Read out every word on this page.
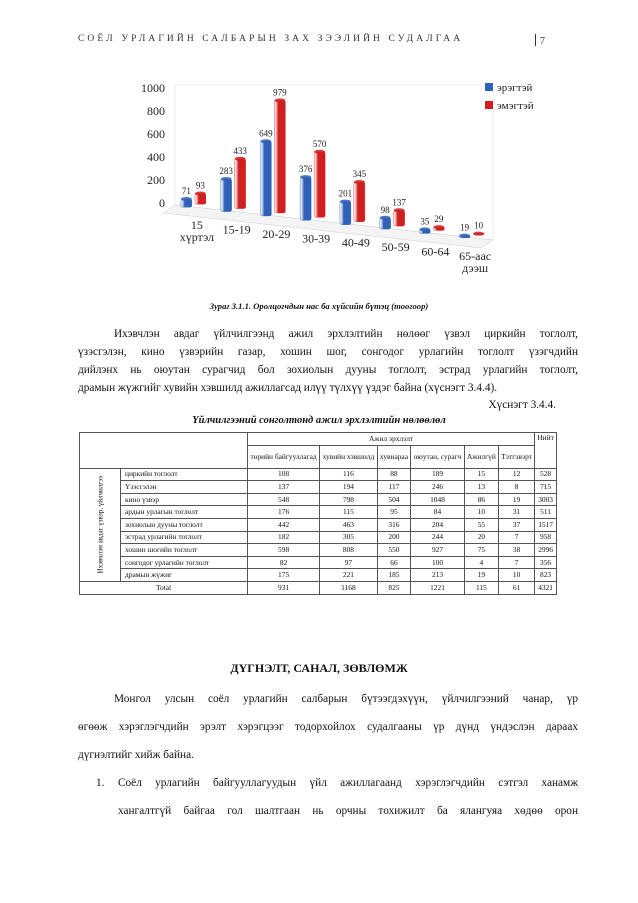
СОЁЛ УРЛАГИЙН САЛБАРЫН ЗАХ ЗЭЭЛИЙН СУДАЛГАА	7
0
200
400
600
800
1000
71
93
15
хүртэл
283
433
15-19
649
979
20-29
376
570
30-39
201
345
40-49
98
137
50-59
35 29
60-64
19 10
65-аас
дээш
эрэгтэй
эмэгтэй
Зураг 3.1.1. Оролцогчдын нас ба хүйсийн бүтэц (тоогоор)
Ихэвчлэн авдаг үйлчилгээнд ажил эрхлэлтийн нөлөөг үзвэл циркийн тоглолт,
үзэсгэлэн, кино үзвэрийн газар, хошин шог, сонгодог урлагийн тоглолт үзэгчдийн
дийлэнх нь оюутан сурагчид бол зохиолын дууны тоглолт, эстрад урлагийн тоглолт,
драмын жүжгийг хувийн хэвшилд ажиллагсад илүү түлхүү үздэг байна (хүснэгт 3.4.4).
Хүснэгт 3.4.4.
Үйлчилгээний сонголтонд ажил эрхлэлтийн нөлөөлөл
		Ажил эрхлэлт						Нийт
		төрийн байгууллагад	хувийн хэвшилд	хувиараа	оюутан, сурагч	Ажилгүй	Тэтгэвэрт	
Ихэвчлэн авдаг үзвэр, үйлчилгээ	циркийн тоглолт	108	116	88	189	15	12	528
	Үзэсгэлэн	137	194	117	246	13	8	715
	кино үзвэр	548	798	504	1048	86	19	3003
	ардын урлагын тоглолт	176	115	95	84	10	31	511
	зохиолын дууны тоглолт	442	463	316	204	55	37	1517
	эстрад урлагийн тоглолт	182	305	200	244	20	7	958
	хошин шогийн тоглолт	598	808	550	927	75	38	2996
	сонгодог урлагийн тоглолт	82	97	66	100	4	7	356
	драмын жүжиг	175	221	185	213	19	10	823
Total		931	1168	825	1221	115	61	4321
ДҮГНЭЛТ, САНАЛ, ЗӨВЛӨМЖ
Монгол улсын соёл урлагийн салбарын бүтээгдэхүүн, үйлчилгээний чанар, үр
өгөөж хэрэглэгчдийн эрэлт хэрэгцээг тодорхойлох судалгааны үр дүнд үндэслэн дараах
дүгнэлтийг хийж байна.
1. Соёл урлагийн байгууллагуудын үйл ажиллагаанд хэрэглэгчдийн сэтгэл ханамж
хангалтгүй байгаа гол шалтгаан нь орчны тохижилт ба ялангуяа хөдөө орон
